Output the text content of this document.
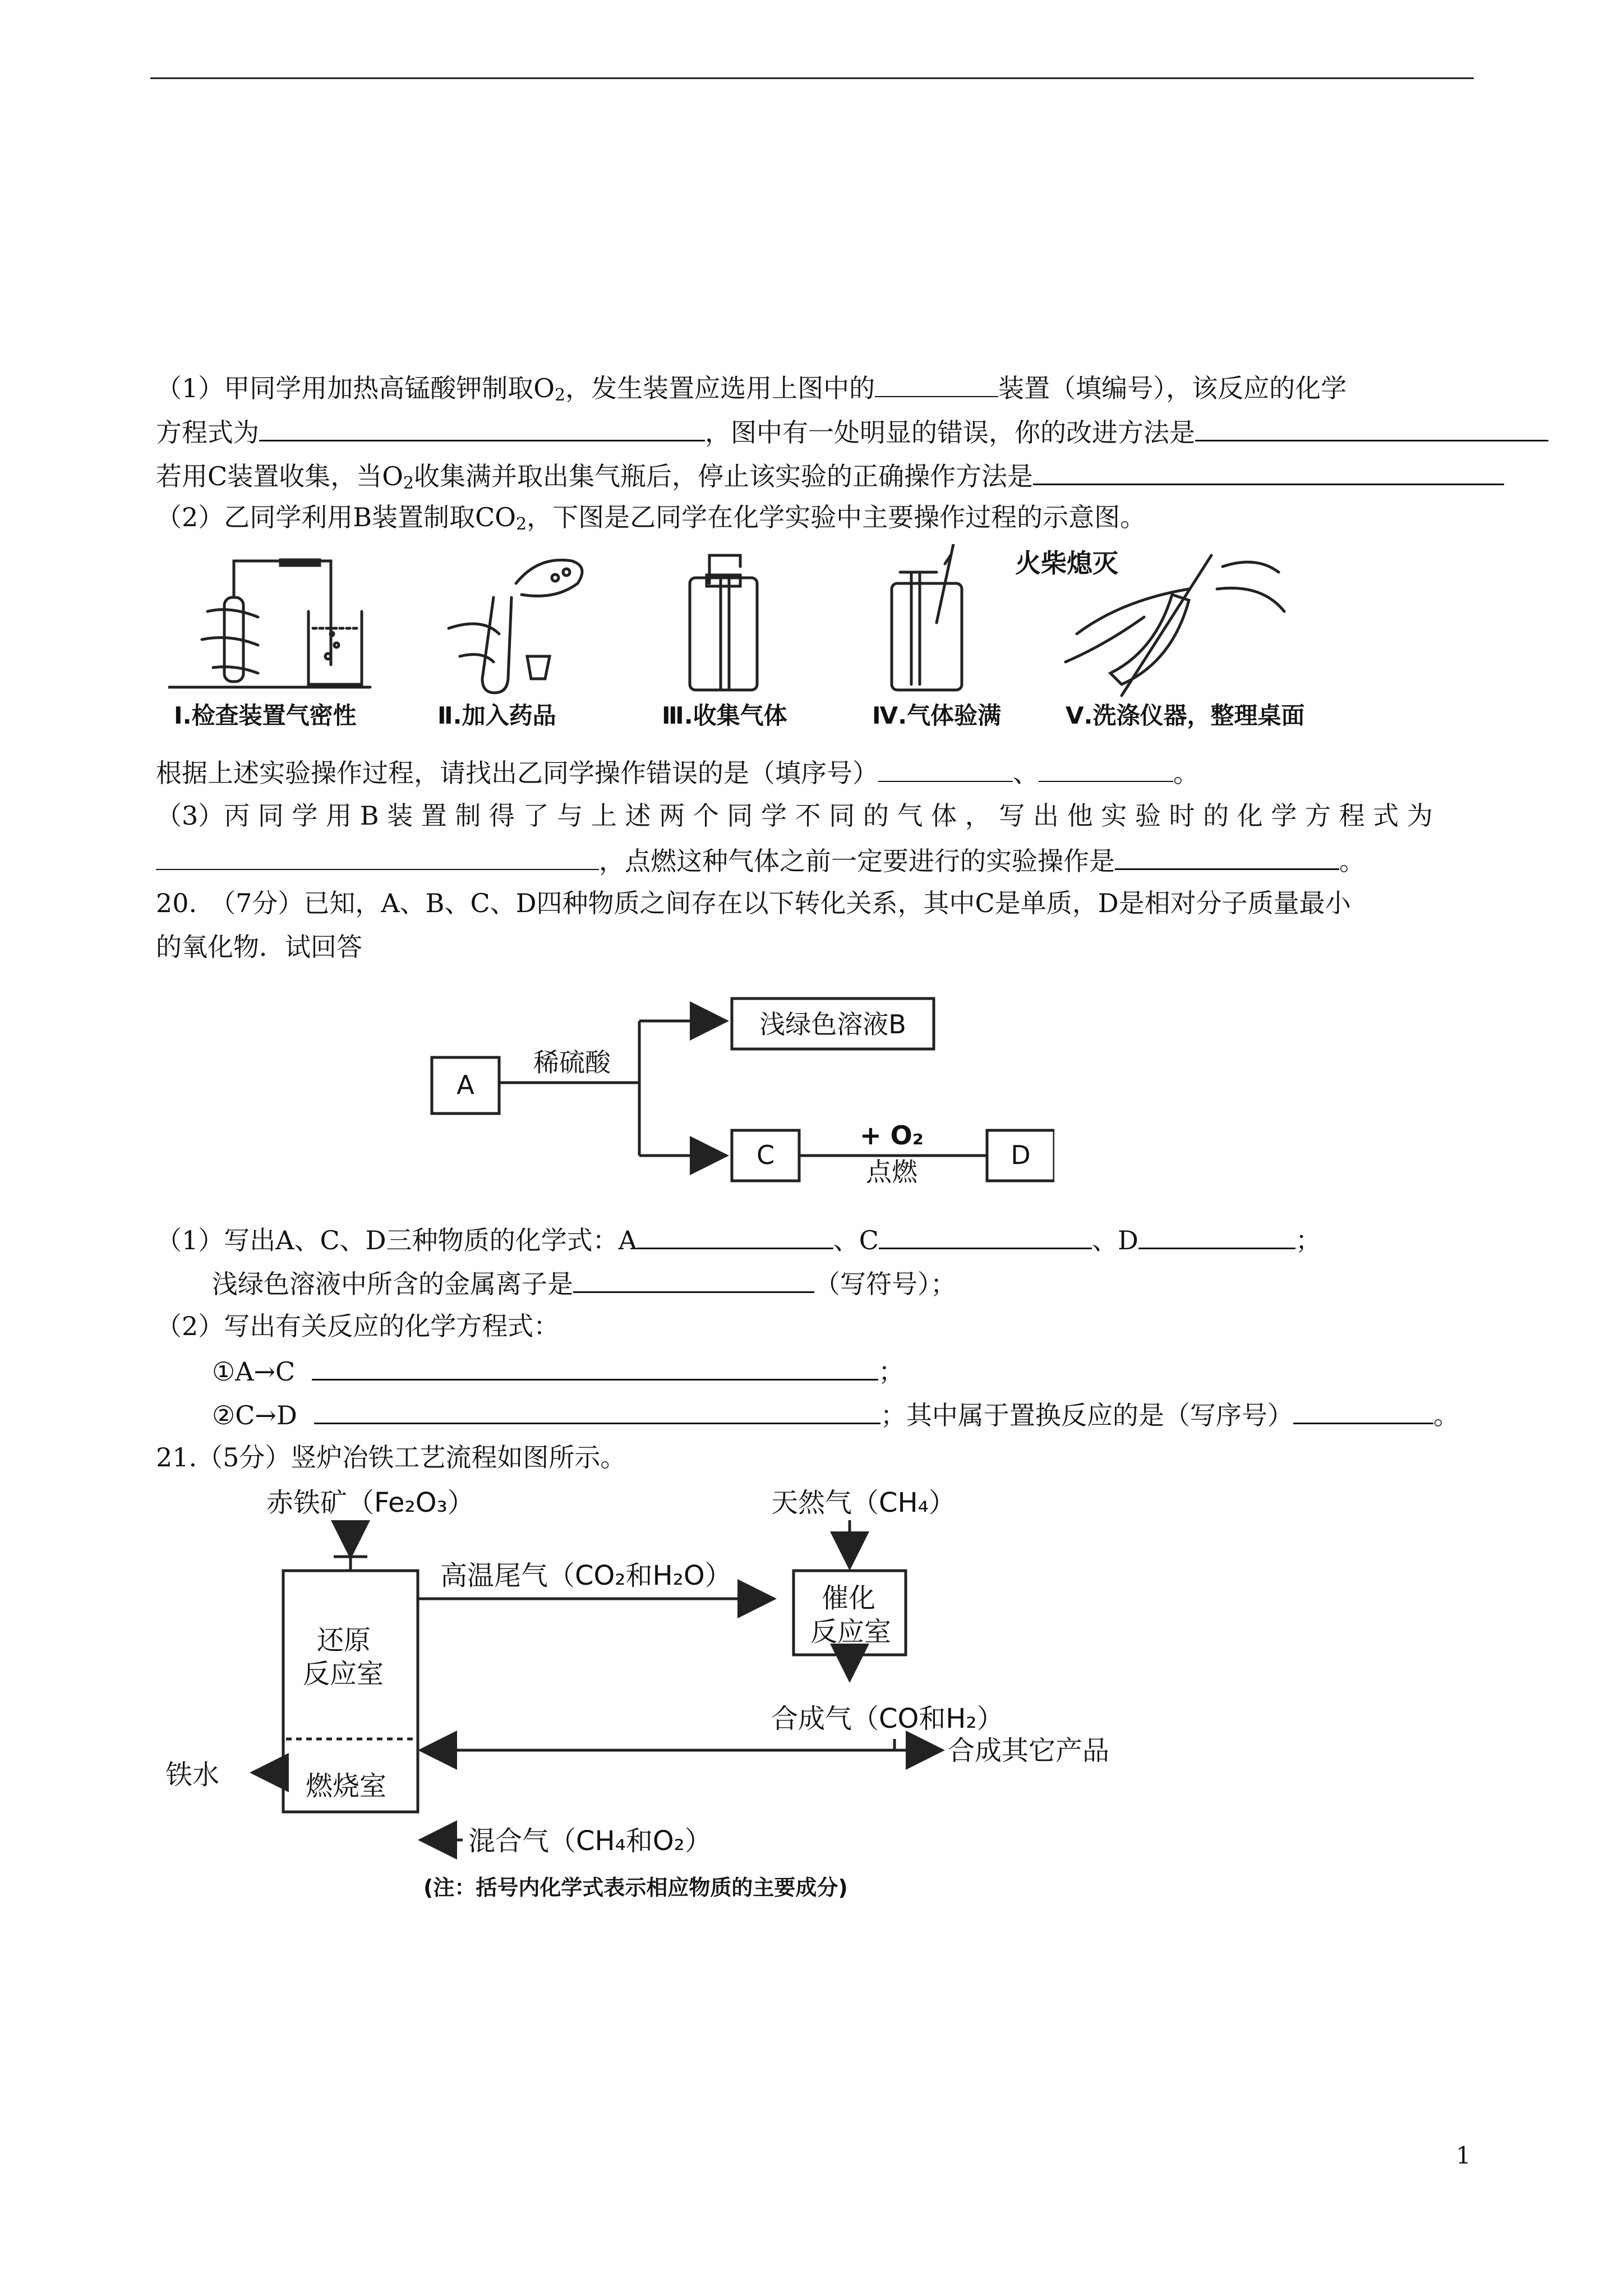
（1）甲同学用加热高锰酸钾制取$O_2$，发生装置应选用上图中的	装置（填编号），该反应的化学
方程式为	，图中有一处明显的错误，你的改进方法是
若用C装置收集，当$O_2$收集满并取出集气瓶后，停止该实验的正确操作方法是
（2）乙同学利用B装置制取$CO_2$，下图是乙同学在化学实验中主要操作过程的示意图。
火柴熄灭
Ⅰ.检查装置气密性	Ⅱ.加入药品	Ⅲ.收集气体	Ⅳ.气体验满	Ⅴ.洗涤仪器，整理桌面
根据上述实验操作过程，请找出乙同学操作错误的是（填序号）	、	。
（3）丙 同 学 用 B 装 置 制 得 了 与 上 述 两 个 同 学 不 同 的 气 体 ， 写 出 他 实 验 时 的 化 学 方 程 式 为
，点燃这种气体之前一定要进行的实验操作是	。
20.　（7分）已知，A、B、C、D四种物质之间存在以下转化关系，其中C是单质，D是相对分子质量最小
的氧化物．试回答
A
稀硫酸
浅绿色溶液B
C
+ O₂
点燃
D
（1）写出A、C、D三种物质的化学式：A	、C	、D	；
浅绿色溶液中所含的金属离子是	（写符号）；
（2）写出有关反应的化学方程式：
①A→C	；
②C→D	；其中属于置换反应的是（写序号）	。
21.（5分）竖炉冶铁工艺流程如图所示。
赤铁矿（Fe₂O₃）	天然气（CH₄）
高温尾气（CO₂和H₂O）
催化
反应室
还原
反应室
合成气（CO和H₂）
合成其它产品
铁水	燃烧室
混合气（CH₄和O₂）
(注：括号内化学式表示相应物质的主要成分)
1
